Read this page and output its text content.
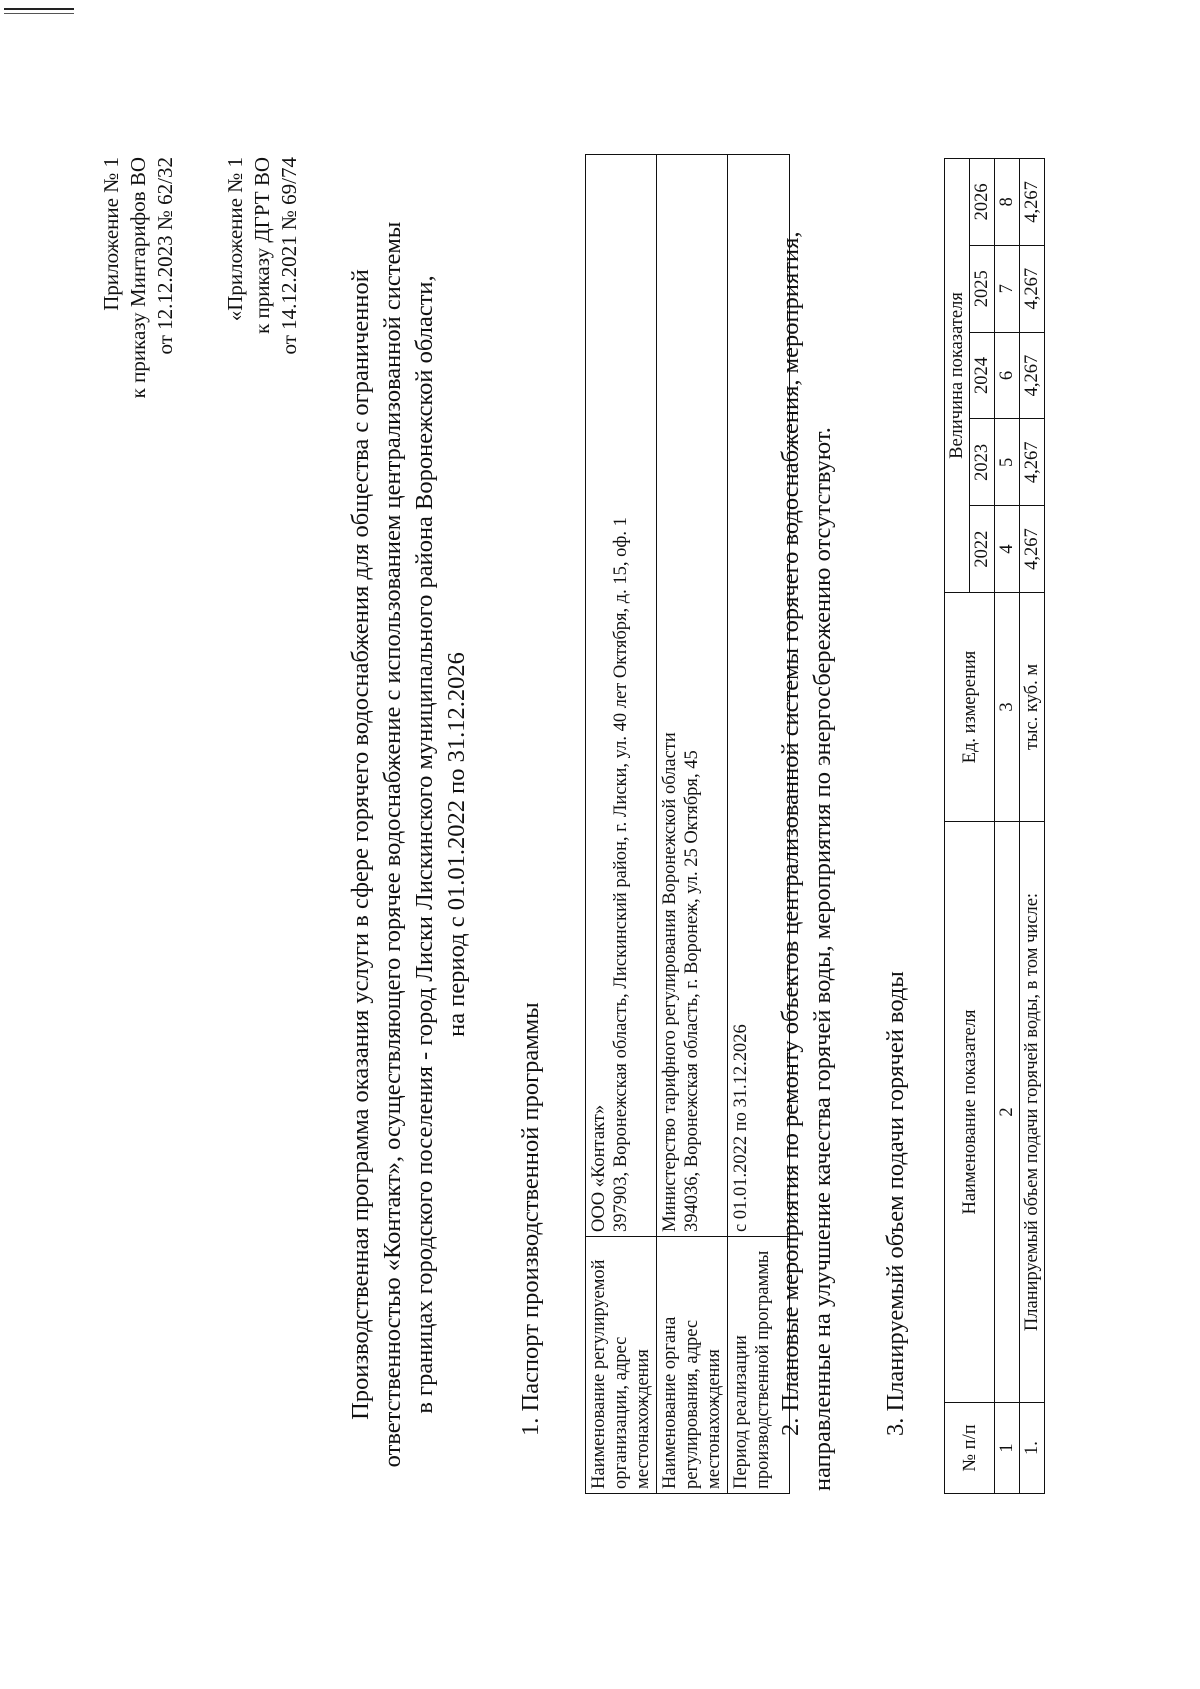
Приложение № 1 к приказу Минтарифов ВО от 12.12.2023 № 62/32 «Приложение № 1 к приказу ДГРТ ВО от 14.12.2021 № 69/74
Производственная программа оказания услуги в сфере горячего водоснабжения для общества с ограниченной ответственностью «Контакт», осуществляющего горячее водоснабжение с использованием централизованной системы в границах городского поселения - город Лиски Лискинского муниципального района Воронежской области, на период с 01.01.2022 по 31.12.2026
1. Паспорт производственной программы Наименование регулируемой организации, адрес местонахождения	ООО «Контакт» 397903, Воронежская область, Лискинский район, г. Лиски, ул. 40 лет Октября, д. 15, оф. 1

Наименование органа регулирования, адрес местонахождения	Министерство тарифного регулирования Воронежской области 394036, Воронежская область, г. Воронеж, ул. 25 Октября, 45

Период реализации производственной программы	с 01.01.2022 по 31.12.2026 2. Плановые мероприятия по ремонту объектов централизованной системы горячего водоснабжения, мероприятия, направленные на улучшение качества горячей воды, мероприятия по энергосбережению отсутствуют. 3. Планируемый объем подачи горячей воды
№ п/п	Наименование показателя	Ед. измерения	Величина показателя				
			2022	2023	2024	2025	2026
1	2	3	4	5	6	7	8
1.	Планируемый объем подачи горячей воды, в том числе:	тыс. куб. м	4,267	4,267	4,267	4,267	4,267
